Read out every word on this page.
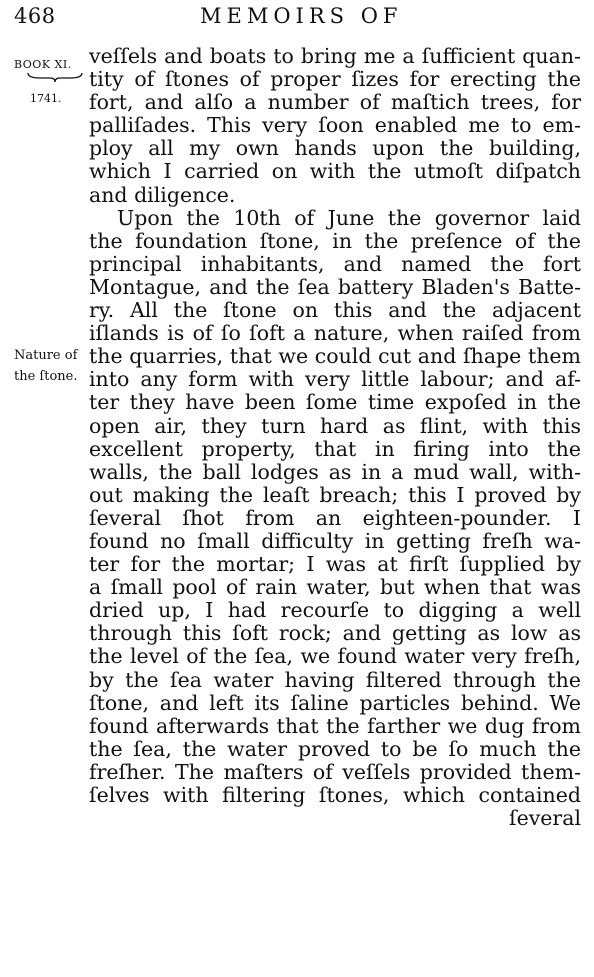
468	MEMOIRS OF
BOOK XI.
1741.
Nature of
the ſtone.
veſſels and boats to bring me a ſufficient quan-
tity of ſtones of proper ſizes for erecting the
fort, and alſo a number of maſtich trees, for
palliſades. This very ſoon enabled me to em-
ploy all my own hands upon the building,
which I carried on with the utmoſt diſpatch
and diligence.
Upon the 10th of June the governor laid
the foundation ſtone, in the preſence of the
principal inhabitants, and named the fort
Montague, and the ſea battery Bladen's Batte-
ry. All the ſtone on this and the adjacent
iſlands is of ſo ſoft a nature, when raiſed from
the quarries, that we could cut and ſhape them
into any form with very little labour; and af-
ter they have been ſome time expoſed in the
open air, they turn hard as flint, with this
excellent property, that in firing into the
walls, the ball lodges as in a mud wall, with-
out making the leaſt breach; this I proved by
ſeveral ſhot from an eighteen-pounder. I
found no ſmall difficulty in getting freſh wa-
ter for the mortar; I was at firſt ſupplied by
a ſmall pool of rain water, but when that was
dried up, I had recourſe to digging a well
through this ſoft rock; and getting as low as
the level of the ſea, we found water very freſh,
by the ſea water having filtered through the
ſtone, and left its ſaline particles behind. We
found afterwards that the farther we dug from
the ſea, the water proved to be ſo much the
freſher. The maſters of veſſels provided them-
ſelves with filtering ſtones, which contained
ſeveral
